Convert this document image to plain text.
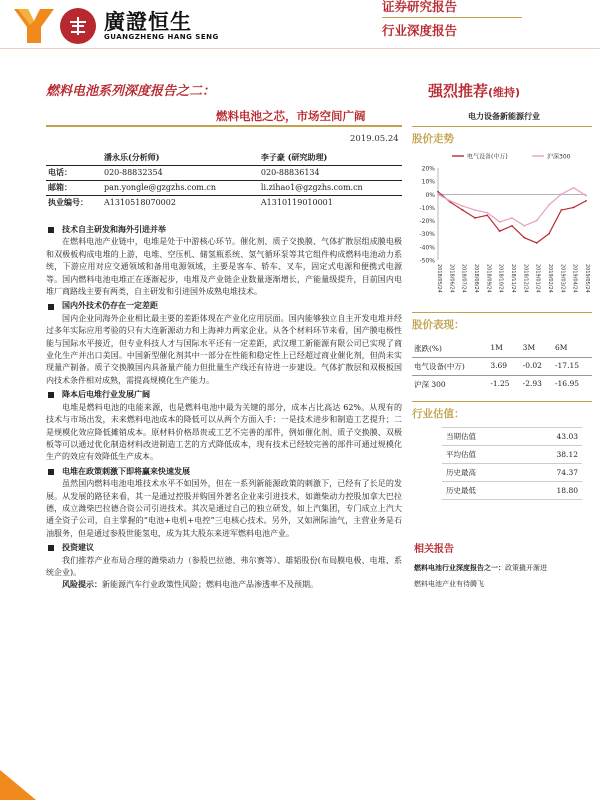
廣證恒生
GUANGZHENG HANG SENG
证券研究报告
行业深度报告
燃料电池系列深度报告之二：
燃料电池之芯，市场空间广阔
2019.05.24
	潘永乐(分析师)	李子豪 (研究助理)
电话：	020-88832354	020-88836134
邮箱：	pan.yongle@gzgzhs.com.cn	li.zihao1@gzgzhs.com.cn
执业编号：	A1310518070002	A1310119010001
技术自主研发和海外引进并举

在燃料电池产业链中，电堆是处于中游核心环节。催化剂、质子交换膜、气体扩散层组成膜电极和双极板构成电堆的上游，电堆、空压机、储氢瓶系统、氢气循环泵等其它组件构成燃料电池动力系统，下游应用对应交通领域和备用电源领域，主要是客车、轿车、叉车，固定式电源和便携式电源等。国内燃料电池电堆正在逐渐起步，电堆及产业链企业数量逐渐增长，产能量级提升，目前国内电堆厂商路线主要有两类，自主研发和引进国外成熟电堆技术。

国内外技术仍存在一定差距

国内企业同海外企业相比最主要的差距体现在产业化应用层面。国内能够独立自主开发电堆并经过多年实际应用考验的只有大连新源动力和上海神力两家企业。从各个材料环节来看，国产膜电极性能与国际水平接近，但专业科技人才与国际水平还有一定差距，武汉理工新能源有限公司已实现了商业化生产并出口美国。中国新型催化剂其中一部分在性能和稳定性上已经超过商业催化剂，但尚未实现量产制备。质子交换膜国内具备量产能力但批量生产线还有待进一步建设。气体扩散层和双极板国内技术条件相对成熟，需提高规模化生产能力。

降本后电堆行业发展广阔

电堆是燃料电池的电能来源，也是燃料电池中最为关键的部分，成本占比高达 62%。从现有的技术与市场出发，未来燃料电池成本的降低可以从两个方面入手：一是技术进步和制造工艺提升；二是规模化效应降低摊销成本。原材料价格昂贵或工艺不完善的部件，例如催化剂、质子交换膜、双极板等可以通过优化制造材料改进制造工艺的方式降低成本，现有技术已经较完善的部件可通过规模化生产的效应有效降低生产成本。

电堆在政策刺激下即将赢来快速发展

虽然国内燃料电池电堆技术水平不如国外，但在一系列新能源政策的刺激下，已经有了长足的发展。从发展的路径来看，其一是通过控股并购国外著名企业来引进技术，如潍柴动力控股加拿大巴拉德，成立潍柴巴拉德合资公司引进技术。其次是通过自己的独立研发，如上汽集团，专门成立上汽大通全资子公司，自主掌握的“电池+电机+电控”三电核心技术。另外，又如洲际油气，主营业务是石油服务，但是通过参股世能氢电，成为其大股东来进军燃料电池产业。

投资建议

我们推荐产业布局合理的潍柴动力（参股巴拉德、弗尔赛等）、雄韬股份(布局膜电极、电堆、系统企业)。

风险提示：新能源汽车行业政策性风险；燃料电池产品渗透率不及预期。

强烈推荐(维持)
电力设备新能源行业
股价走势
20%
10%
0%
-10%
-20%
-30%
-40%
-50%
2018/05/24 2018/06/24 2018/07/24 2018/08/24 2018/09/24 2018/10/24 2018/11/24 2018/12/24 2019/01/24 2019/02/24 2019/03/24 2019/04/24 2019/05/24
电气设备(中万)	沪深300
股价表现：
涨跌(%)	1M	3M	6M
电气设备(中万)	3.69	-0.02	-17.15
沪深 300	-1.25	-2.93	-16.95
行业估值：
当期估值	43.03
平均估值	38.12
历史最高	74.37
历史最低	18.80
相关报告
燃料电池行业深度报告之一：政策撬开渐进
燃料电池产业有待腾飞
